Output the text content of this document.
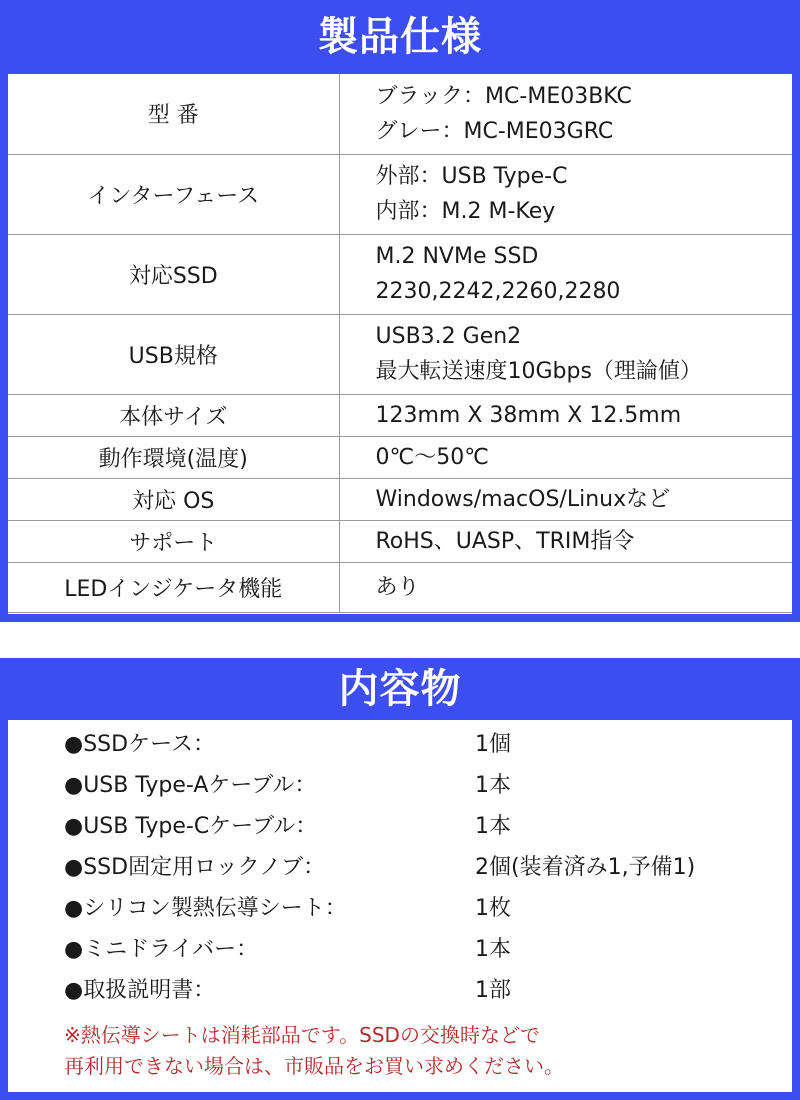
製品仕様
型 番	ブラック：MC-ME03BKC
グレー：MC-ME03GRC

インターフェース	外部：USB Type-C
内部：M.2 M-Key

対応SSD	M.2 NVMe SSD
2230,2242,2260,2280

USB規格	USB3.2 Gen2
最大転送速度10Gbps（理論値）

本体サイズ	123mm X 38mm X 12.5mm
動作環境(温度)	0℃～50℃
対応 OS	Windows/macOS/Linuxなど
サポート	RoHS、UASP、TRIM指令
LEDインジケータ機能	あり
内容物
●SSDケース：	1個
●USB Type-Aケーブル：	1本
●USB Type-Cケーブル：	1本
●SSD固定用ロックノブ：	2個(装着済み1,予備1)
●シリコン製熱伝導シート：	1枚
●ミニドライバー：	1本
●取扱説明書：	1部
※熱伝導シートは消耗部品です。SSDの交換時などで
再利用できない場合は、市販品をお買い求めください。
